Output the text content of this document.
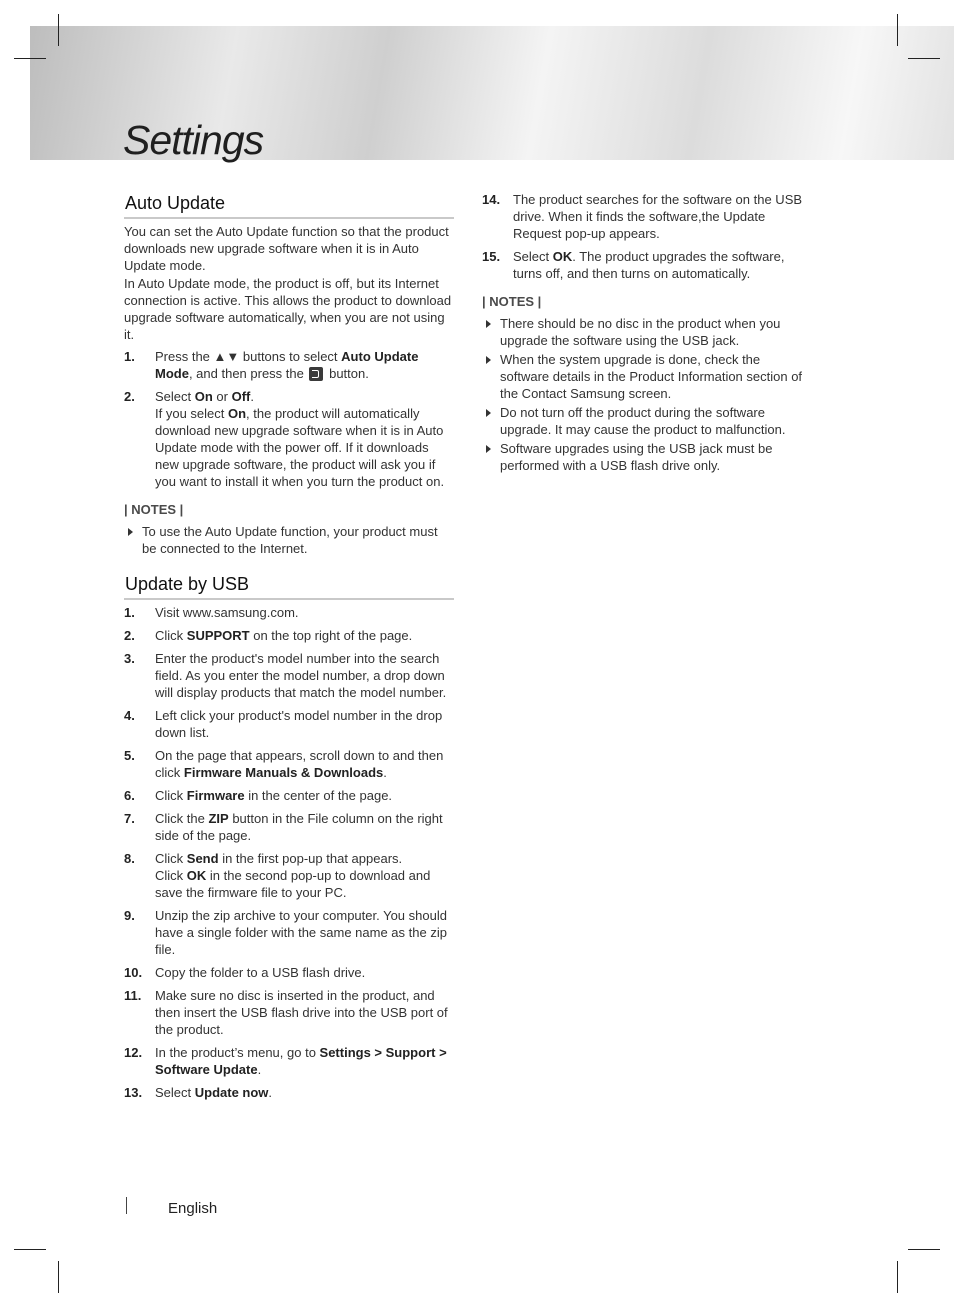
Settings
Auto Update

You can set the Auto Update function so that the product downloads new upgrade software when it is in Auto Update mode.

In Auto Update mode, the product is off, but its Internet connection is active. This allows the product to download upgrade software automatically, when you are not using it.

1. Press the ▲▼ buttons to select Auto Update Mode, and then press the  button.
2. Select On or Off.
If you select On, the product will automatically download new upgrade software when it is in Auto Update mode with the power off. If it downloads new upgrade software, the product will ask you if you want to install it when you turn the product on.
| NOTES |
To use the Auto Update function, your product must be connected to the Internet.
Update by USB
1. Visit www.samsung.com.
2. Click SUPPORT on the top right of the page.
3. Enter the product's model number into the search field. As you enter the model number, a drop down will display products that match the model number.
4. Left click your product's model number in the drop down list.
5. On the page that appears, scroll down to and then click Firmware Manuals & Downloads.
6. Click Firmware in the center of the page.
7. Click the ZIP button in the File column on the right side of the page.
8. Click Send in the first pop-up that appears.
Click OK in the second pop-up to download and save the firmware file to your PC.
9. Unzip the zip archive to your computer. You should have a single folder with the same name as the zip file.
10. Copy the folder to a USB flash drive.
11. Make sure no disc is inserted in the product, and then insert the USB flash drive into the USB port of the product.
12. In the product’s menu, go to Settings > Support > Software Update.
13. Select Update now.
14. The product searches for the software on the USB drive. When it finds the software,the Update Request pop-up appears.
15. Select OK. The product upgrades the software, turns off, and then turns on automatically.
| NOTES |
There should be no disc in the product when you upgrade the software using the USB jack.
When the system upgrade is done, check the software details in the Product Information section of the Contact Samsung screen.
Do not turn off the product during the software upgrade. It may cause the product to malfunction.
Software upgrades using the USB jack must be performed with a USB flash drive only.
English
